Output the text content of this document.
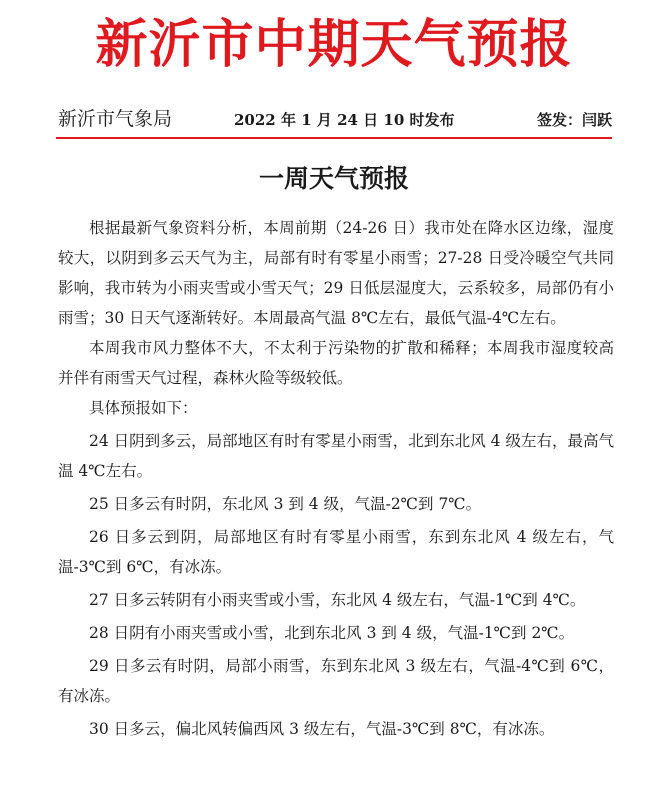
新沂市中期天气预报
新沂市气象局	2022 年 1 月 24 日 10 时发布	签发：闫跃
一周天气预报

根据最新气象资料分析，本周前期（24-26 日）我市处在降水区边缘，湿度较大，以阴到多云天气为主，局部有时有零星小雨雪；27-28 日受冷暖空气共同影响，我市转为小雨夹雪或小雪天气；29 日低层湿度大，云系较多，局部仍有小雨雪；30 日天气逐渐转好。本周最高气温 8℃左右，最低气温-4℃左右。

本周我市风力整体不大，不太利于污染物的扩散和稀释；本周我市湿度较高并伴有雨雪天气过程，森林火险等级较低。

具体预报如下：

24 日阴到多云，局部地区有时有零星小雨雪，北到东北风 4 级左右，最高气温 4℃左右。

25 日多云有时阴，东北风 3 到 4 级，气温-2℃到 7℃。

26 日多云到阴，局部地区有时有零星小雨雪，东到东北风 4 级左右，气温-3℃到 6℃，有冰冻。

27 日多云转阴有小雨夹雪或小雪，东北风 4 级左右，气温-1℃到 4℃。

28 日阴有小雨夹雪或小雪，北到东北风 3 到 4 级，气温-1℃到 2℃。

29 日多云有时阴，局部小雨雪，东到东北风 3 级左右，气温-4℃到 6℃，有冰冻。

30 日多云，偏北风转偏西风 3 级左右，气温-3℃到 8℃，有冰冻。
